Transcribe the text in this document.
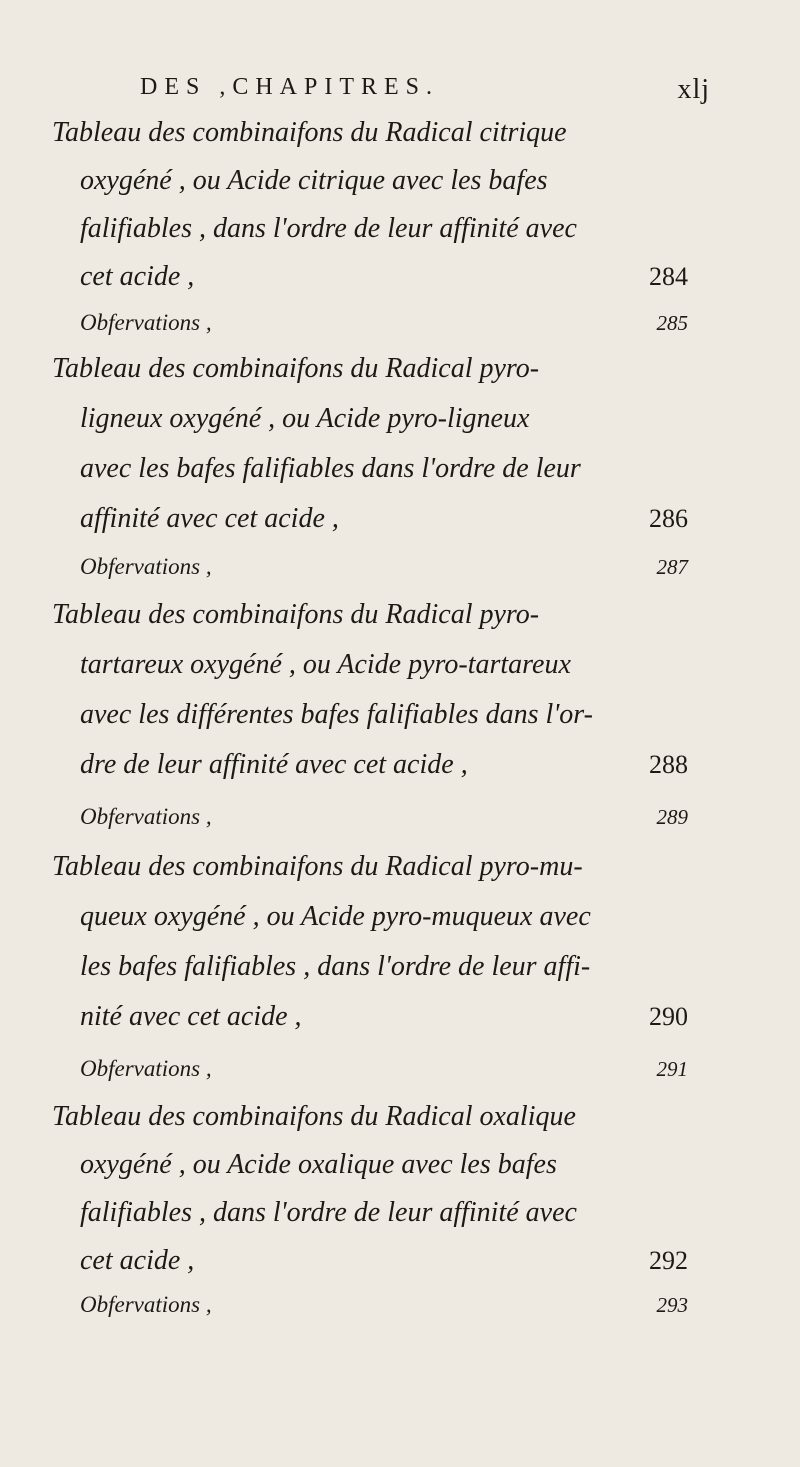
DES ,CHAPITRES.	xlj
Tableau des combinaifons du Radical citrique
oxygéné , ou Acide citrique avec les bafes
falifiables , dans l'ordre de leur affinité avec
cet acide ,	284
Obfervations ,	285
Tableau des combinaifons du Radical pyro-
ligneux oxygéné , ou Acide pyro-ligneux
avec les bafes falifiables dans l'ordre de leur
affinité avec cet acide ,	286
Obfervations ,	287
Tableau des combinaifons du Radical pyro-
tartareux oxygéné , ou Acide pyro-tartareux
avec les différentes bafes falifiables dans l'or-
dre de leur affinité avec cet acide ,	288
Obfervations ,	289
Tableau des combinaifons du Radical pyro-mu-
queux oxygéné , ou Acide pyro-muqueux avec
les bafes falifiables , dans l'ordre de leur affi-
nité avec cet acide ,	290
Obfervations ,	291
Tableau des combinaifons du Radical oxalique
oxygéné , ou Acide oxalique avec les bafes
falifiables , dans l'ordre de leur affinité avec
cet acide ,	292
Obfervations ,	293
